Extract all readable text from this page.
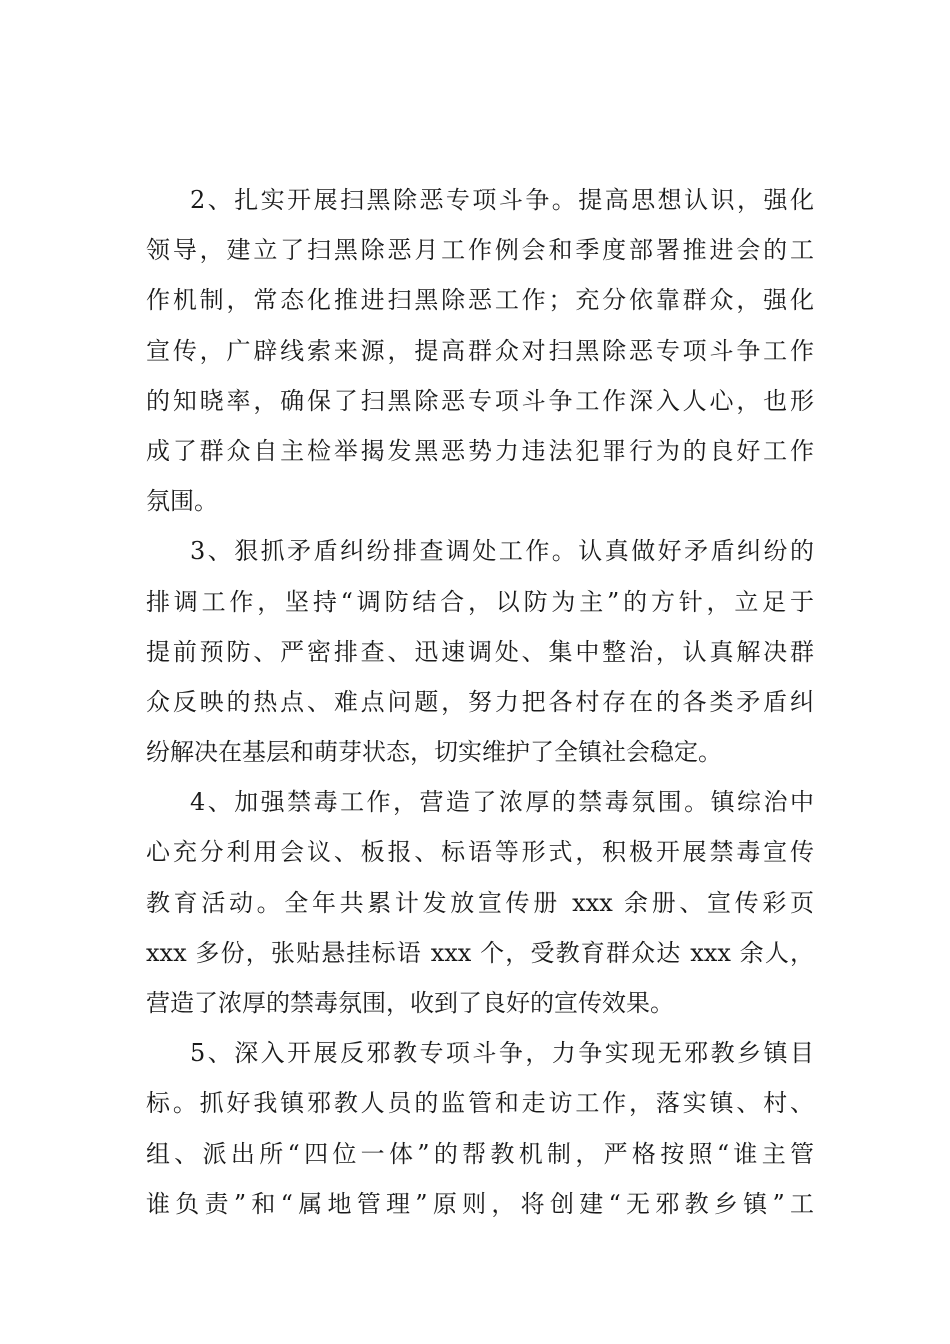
2、扎实开展扫黑除恶专项斗争。提高思想认识，强化
领导，建立了扫黑除恶月工作例会和季度部署推进会的工
作机制，常态化推进扫黑除恶工作；充分依靠群众，强化
宣传，广辟线索来源，提高群众对扫黑除恶专项斗争工作
的知晓率，确保了扫黑除恶专项斗争工作深入人心，也形
成了群众自主检举揭发黑恶势力违法犯罪行为的良好工作
氛围。
3、狠抓矛盾纠纷排查调处工作。认真做好矛盾纠纷的
排调工作，坚持“调防结合，以防为主”的方针，立足于
提前预防、严密排查、迅速调处、集中整治，认真解决群
众反映的热点、难点问题，努力把各村存在的各类矛盾纠
纷解决在基层和萌芽状态，切实维护了全镇社会稳定。
4、加强禁毒工作，营造了浓厚的禁毒氛围。镇综治中
心充分利用会议、板报、标语等形式，积极开展禁毒宣传
教育活动。全年共累计发放宣传册 xxx 余册、宣传彩页
xxx 多份，张贴悬挂标语 xxx 个，受教育群众达 xxx 余人，
营造了浓厚的禁毒氛围，收到了良好的宣传效果。
5、深入开展反邪教专项斗争，力争实现无邪教乡镇目
标。抓好我镇邪教人员的监管和走访工作，落实镇、村、
组、派出所“四位一体”的帮教机制，严格按照“谁主管
谁负责”和“属地管理”原则，将创建“无邪教乡镇”工
